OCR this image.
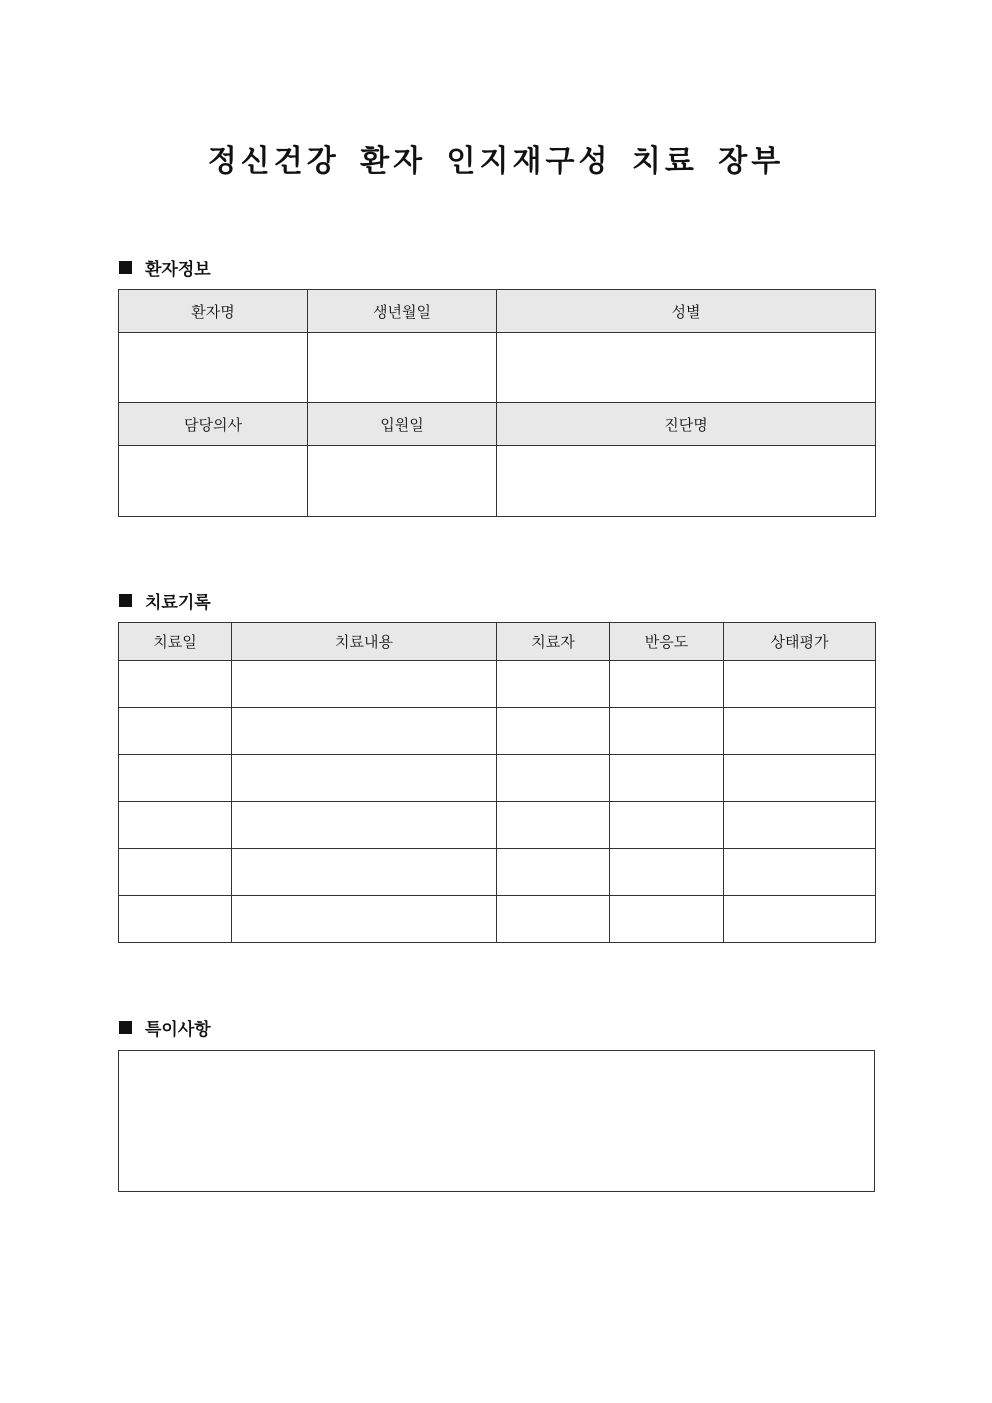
정신건강 환자 인지재구성 치료 장부
환자정보
환자명	생년월일	성별

담당의사	입원일	진단명

치료기록
치료일	치료내용	치료자	반응도	상태평가

특이사항
